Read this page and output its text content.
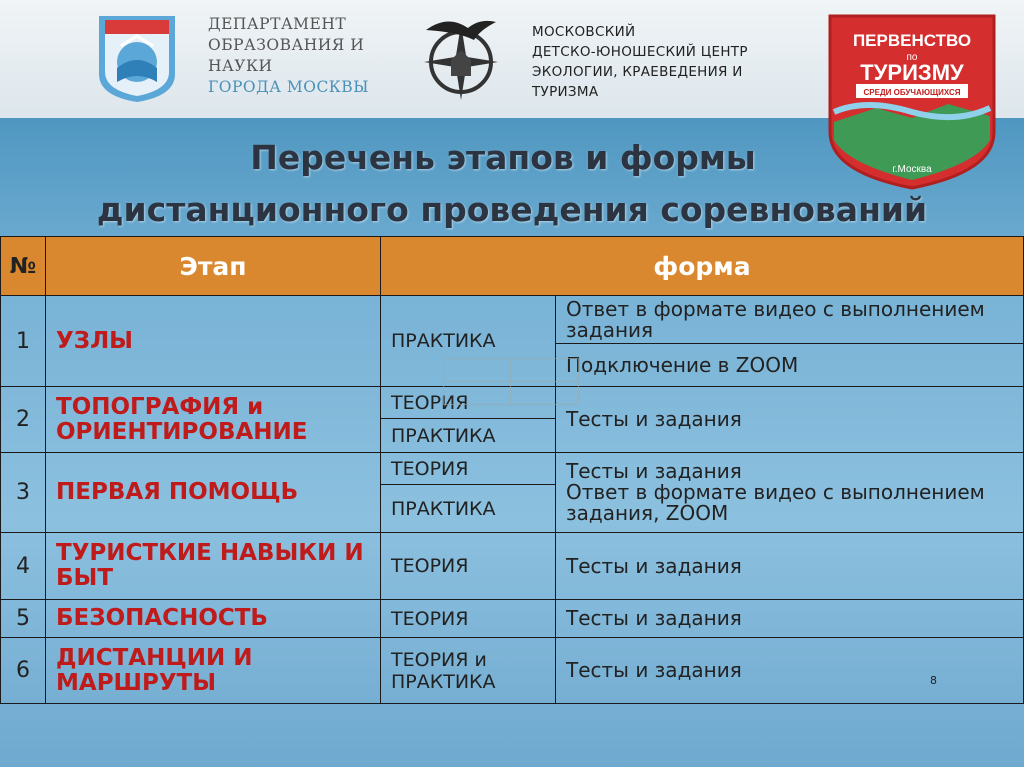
ДЕПАРТАМЕНТ
ОБРАЗОВАНИЯ И
НАУКИ
ГОРОДА МОСКВЫ
МОСКОВСКИЙ
ДЕТСКО-ЮНОШЕСКИЙ ЦЕНТР
ЭКОЛОГИИ, КРАЕВЕДЕНИЯ И
ТУРИЗМА
ПЕРВЕНСТВО
по
ТУРИЗМУ
СРЕДИ ОБУЧАЮЩИХСЯ
г.Москва
Перечень этапов и формы
дистанционного проведения соревнований
№	Этап	форма	
1	УЗЛЫ	ПРАКТИКА	Ответ в формате видео с выполнением задания
			Подключение в ZOOM
2	ТОПОГРАФИЯ и ОРИЕНТИРОВАНИЕ	ТЕОРИЯ	Тесты и задания
		ПРАКТИКА	
3	ПЕРВАЯ ПОМОЩЬ	ТЕОРИЯ	Тесты и задания
Ответ в формате видео с выполнением задания, ZOOM

		ПРАКТИКА	
4	ТУРИСТКИЕ НАВЫКИ И БЫТ	ТЕОРИЯ	Тесты и задания
5	БЕЗОПАСНОСТЬ	ТЕОРИЯ	Тесты и задания
6	ДИСТАНЦИИ И МАРШРУТЫ	ТЕОРИЯ и ПРАКТИКА	Тесты и задания	8
